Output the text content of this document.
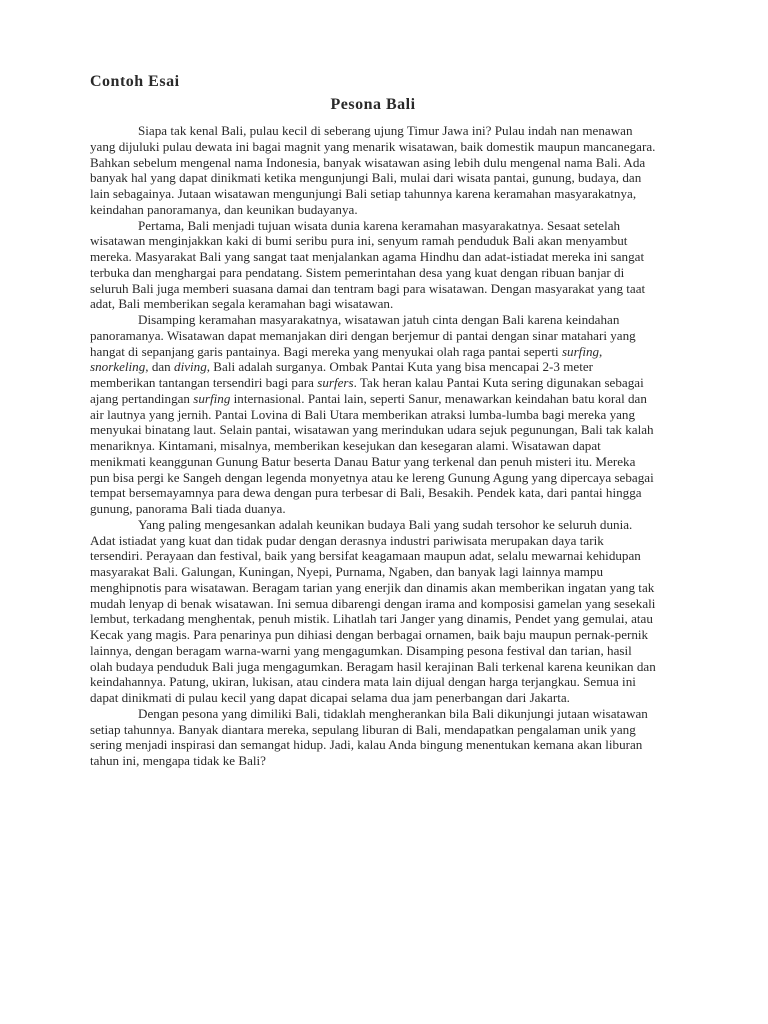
Contoh Esai
Pesona Bali

Siapa tak kenal Bali, pulau kecil di seberang ujung Timur Jawa ini? Pulau indah nan menawan yang dijuluki pulau dewata ini bagai magnit yang menarik wisatawan, baik domestik maupun mancanegara. Bahkan sebelum mengenal nama Indonesia, banyak wisatawan asing lebih dulu mengenal nama Bali. Ada banyak hal yang dapat dinikmati ketika mengunjungi Bali, mulai dari wisata pantai, gunung, budaya, dan lain sebagainya. Jutaan wisatawan mengunjungi Bali setiap tahunnya karena keramahan masyarakatnya, keindahan panoramanya, dan keunikan budayanya.

Pertama, Bali menjadi tujuan wisata dunia karena keramahan masyarakatnya. Sesaat setelah wisatawan menginjakkan kaki di bumi seribu pura ini, senyum ramah penduduk Bali akan menyambut mereka. Masyarakat Bali yang sangat taat menjalankan agama Hindhu dan adat-istiadat mereka ini sangat terbuka dan menghargai para pendatang. Sistem pemerintahan desa yang kuat dengan ribuan banjar di seluruh Bali juga memberi suasana damai dan tentram bagi para wisatawan. Dengan masyarakat yang taat adat, Bali memberikan segala keramahan bagi wisatawan.

Disamping keramahan masyarakatnya, wisatawan jatuh cinta dengan Bali karena keindahan panoramanya. Wisatawan dapat memanjakan diri dengan berjemur di pantai dengan sinar matahari yang hangat di sepanjang garis pantainya. Bagi mereka yang menyukai olah raga pantai seperti surfing, snorkeling, dan diving, Bali adalah surganya. Ombak Pantai Kuta yang bisa mencapai 2-3 meter memberikan tantangan tersendiri bagi para surfers. Tak heran kalau Pantai Kuta sering digunakan sebagai ajang pertandingan surfing internasional. Pantai lain, seperti Sanur, menawarkan keindahan batu koral dan air lautnya yang jernih. Pantai Lovina di Bali Utara memberikan atraksi lumba-lumba bagi mereka yang menyukai binatang laut. Selain pantai, wisatawan yang merindukan udara sejuk pegunungan, Bali tak kalah menariknya. Kintamani, misalnya, memberikan kesejukan dan kesegaran alami. Wisatawan dapat menikmati keanggunan Gunung Batur beserta Danau Batur yang terkenal dan penuh misteri itu. Mereka pun bisa pergi ke Sangeh dengan legenda monyetnya atau ke lereng Gunung Agung yang dipercaya sebagai tempat bersemayamnya para dewa dengan pura terbesar di Bali, Besakih. Pendek kata, dari pantai hingga gunung, panorama Bali tiada duanya.

Yang paling mengesankan adalah keunikan budaya Bali yang sudah tersohor ke seluruh dunia. Adat istiadat yang kuat dan tidak pudar dengan derasnya industri pariwisata merupakan daya tarik tersendiri. Perayaan dan festival, baik yang bersifat keagamaan maupun adat, selalu mewarnai kehidupan masyarakat Bali. Galungan, Kuningan, Nyepi, Purnama, Ngaben, dan banyak lagi lainnya mampu menghipnotis para wisatawan. Beragam tarian yang enerjik dan dinamis akan memberikan ingatan yang tak mudah lenyap di benak wisatawan. Ini semua dibarengi dengan irama and komposisi gamelan yang sesekali lembut, terkadang menghentak, penuh mistik. Lihatlah tari Janger yang dinamis, Pendet yang gemulai, atau Kecak yang magis. Para penarinya pun dihiasi dengan berbagai ornamen, baik baju maupun pernak-pernik lainnya, dengan beragam warna-warni yang mengagumkan. Disamping pesona festival dan tarian, hasil olah budaya penduduk Bali juga mengagumkan. Beragam hasil kerajinan Bali terkenal karena keunikan dan keindahannya. Patung, ukiran, lukisan, atau cindera mata lain dijual dengan harga terjangkau. Semua ini dapat dinikmati di pulau kecil yang dapat dicapai selama dua jam penerbangan dari Jakarta.

Dengan pesona yang dimiliki Bali, tidaklah mengherankan bila Bali dikunjungi jutaan wisatawan setiap tahunnya. Banyak diantara mereka, sepulang liburan di Bali, mendapatkan pengalaman unik yang sering menjadi inspirasi dan semangat hidup. Jadi, kalau Anda bingung menentukan kemana akan liburan tahun ini, mengapa tidak ke Bali?
